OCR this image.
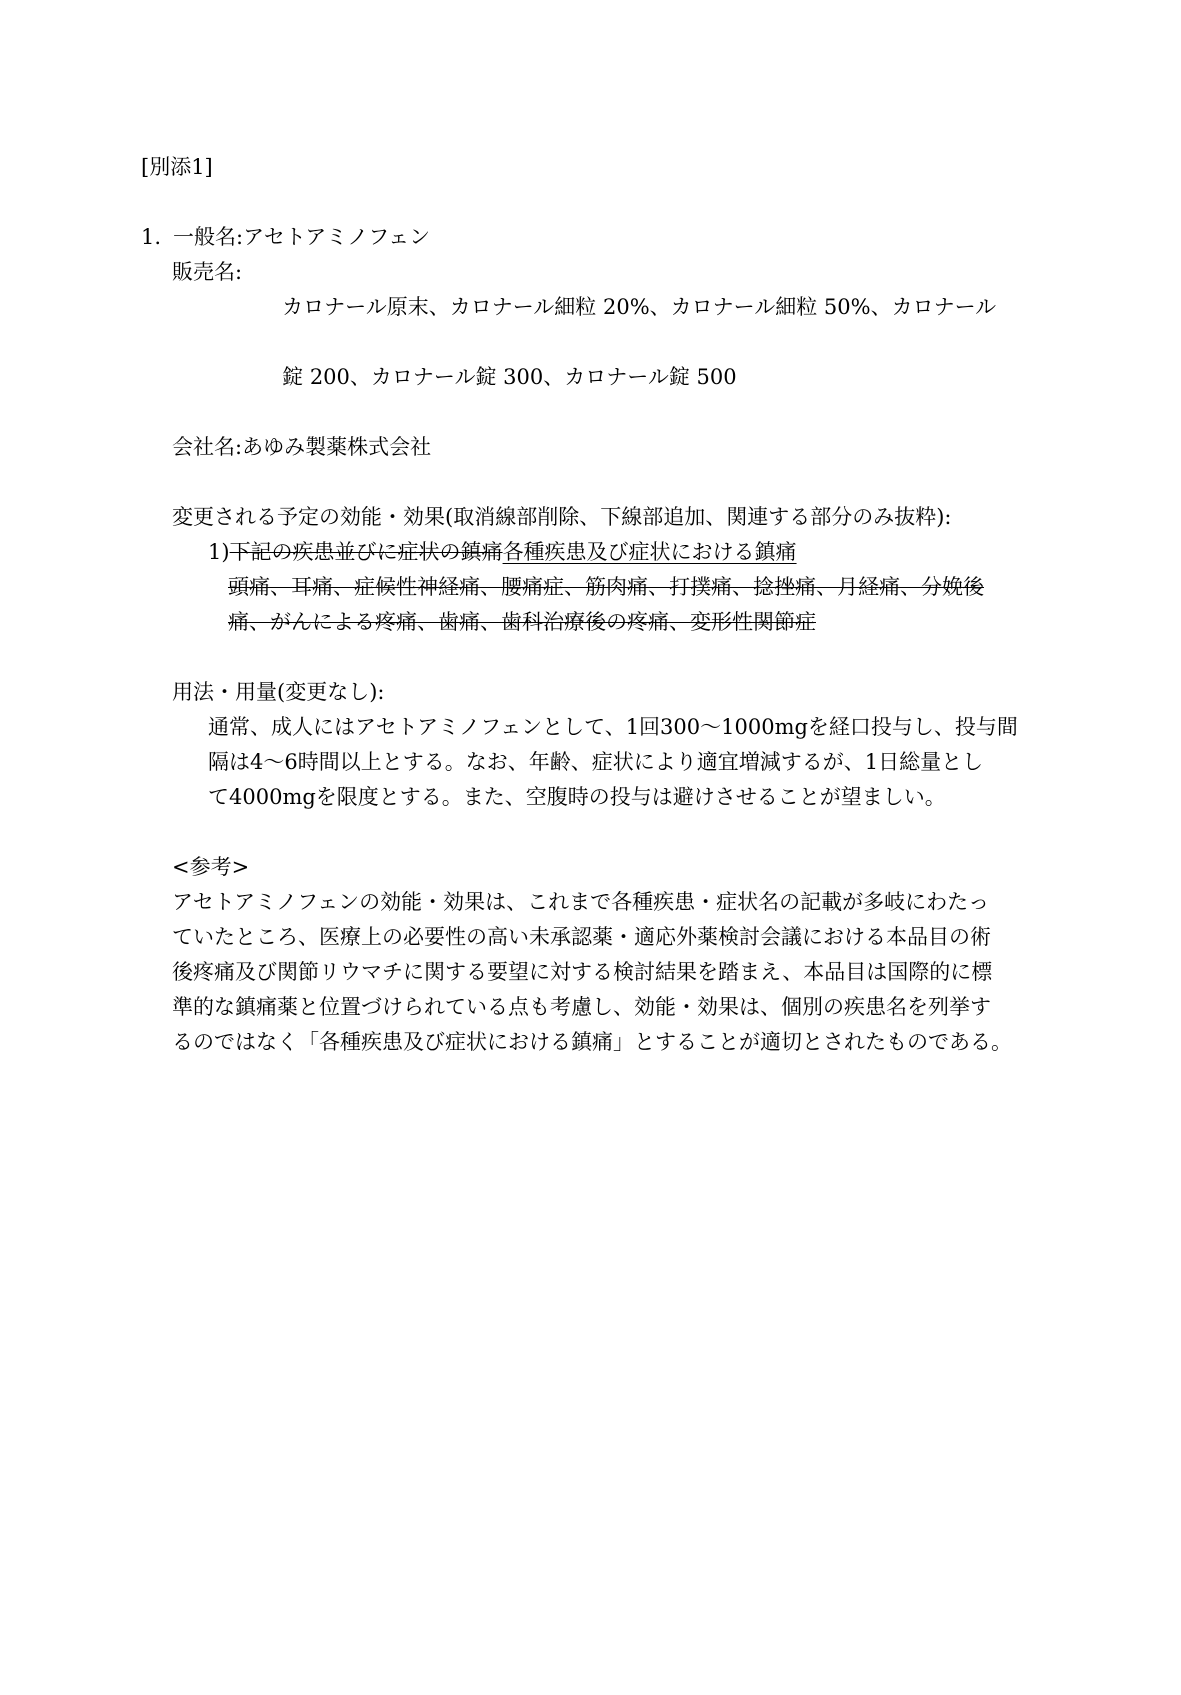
[別添1]
1. 一般名: アセトアミノフェン
販売名:

カロナール原末、カロナール細粒 20%、カロナール細粒 50%、カロナール

錠 200、カロナール錠 300、カロナール錠 500

会社名: あゆみ製薬株式会社
変更される予定の効能・効果(取消線部削除、下線部追加、関連する部分のみ抜粋):
1)下記の疾患並びに症状の鎮痛各種疾患及び症状における鎮痛
頭痛、耳痛、症候性神経痛、腰痛症、筋肉痛、打撲痛、捻挫痛、月経痛、分娩後
痛、がんによる疼痛、歯痛、歯科治療後の疼痛、変形性関節症
用法・用量(変更なし):
通常、成人にはアセトアミノフェンとして、1回300〜1000mgを経口投与し、投与間
隔は4〜6時間以上とする。なお、年齢、症状により適宜増減するが、1日総量とし
て4000mgを限度とする。また、空腹時の投与は避けさせることが望ましい。
<参考>
アセトアミノフェンの効能・効果は、これまで各種疾患・症状名の記載が多岐にわたっ
ていたところ、医療上の必要性の高い未承認薬・適応外薬検討会議における本品目の術
後疼痛及び関節リウマチに関する要望に対する検討結果を踏まえ、本品目は国際的に標
準的な鎮痛薬と位置づけられている点も考慮し、効能・効果は、個別の疾患名を列挙す
るのではなく「各種疾患及び症状における鎮痛」とすることが適切とされたものである。
